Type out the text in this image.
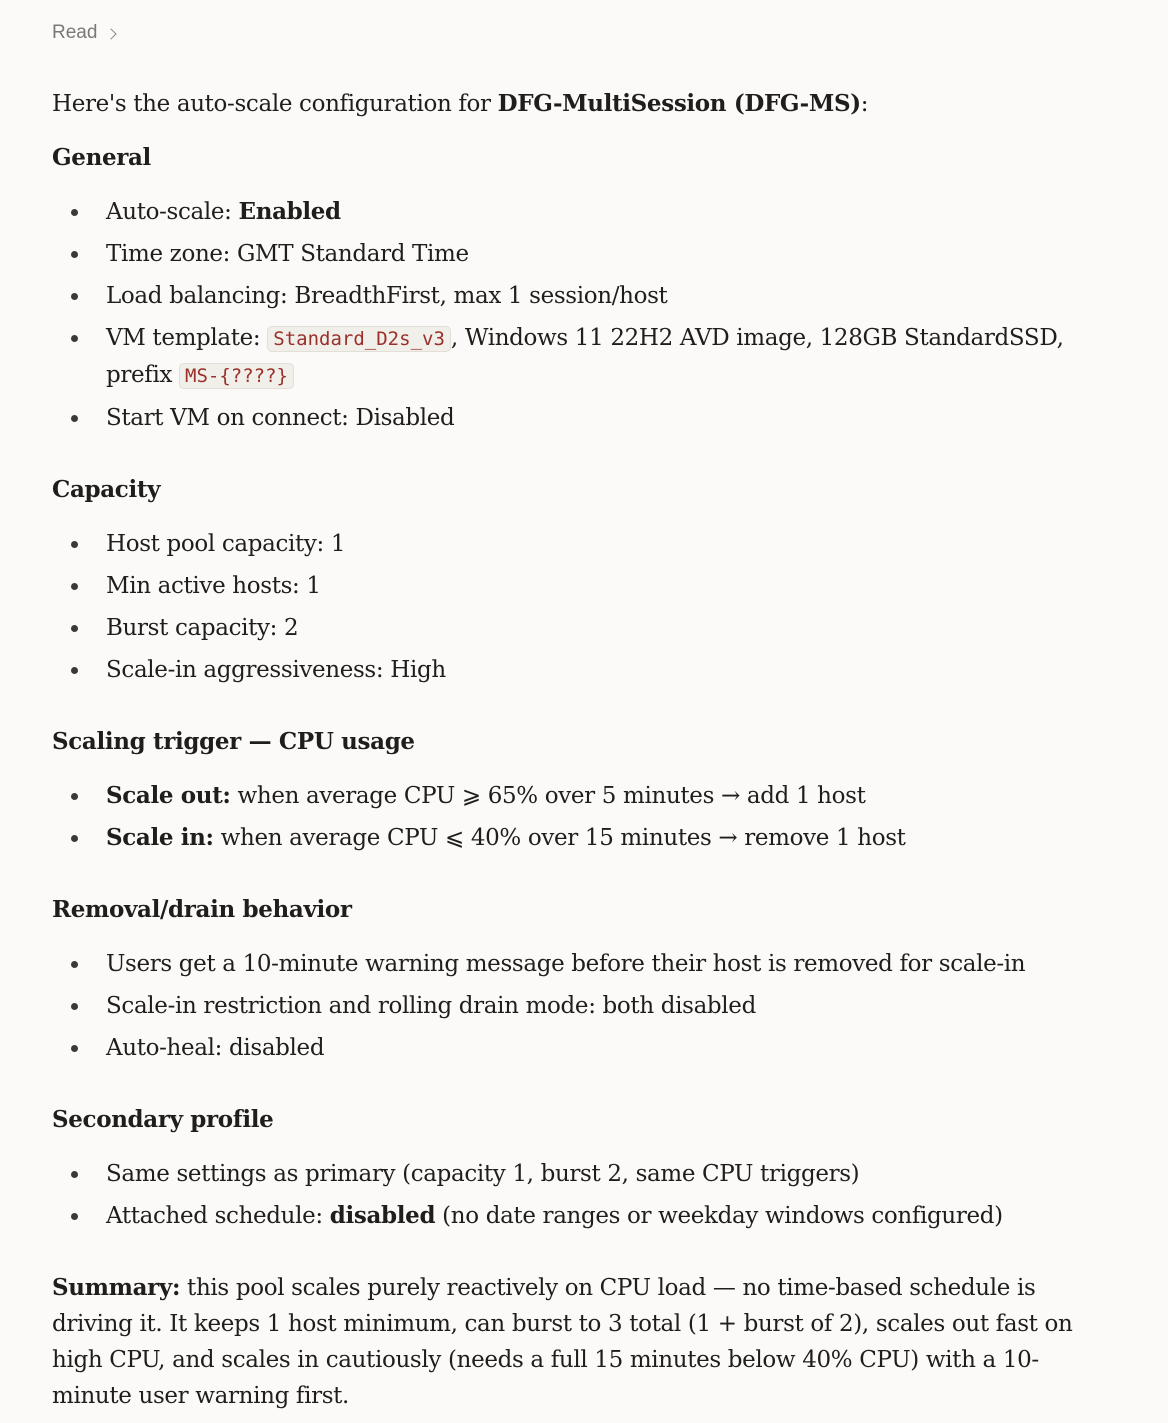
Read

Here's the auto-scale configuration for DFG-MultiSession (DFG-MS):

General
Auto-scale: Enabled
Time zone: GMT Standard Time
Load balancing: BreadthFirst, max 1 session/host
VM template: Standard_D2s_v3 , Windows 11 22H2 AVD image, 128GB StandardSSD, prefix MS-{????}
Start VM on connect: Disabled
Capacity
Host pool capacity: 1
Min active hosts: 1
Burst capacity: 2
Scale-in aggressiveness: High
Scaling trigger — CPU usage
Scale out: when average CPU ⩾ 65% over 5 minutes → add 1 host
Scale in: when average CPU ⩽ 40% over 15 minutes → remove 1 host
Removal/drain behavior
Users get a 10-minute warning message before their host is removed for scale-in
Scale-in restriction and rolling drain mode: both disabled
Auto-heal: disabled
Secondary profile
Same settings as primary (capacity 1, burst 2, same CPU triggers)
Attached schedule: disabled (no date ranges or weekday windows configured)

Summary: this pool scales purely reactively on CPU load — no time-based schedule is driving it. It keeps 1 host minimum, can burst to 3 total (1 + burst of 2), scales out fast on high CPU, and scales in cautiously (needs a full 15 minutes below 40% CPU) with a 10-minute user warning first.
